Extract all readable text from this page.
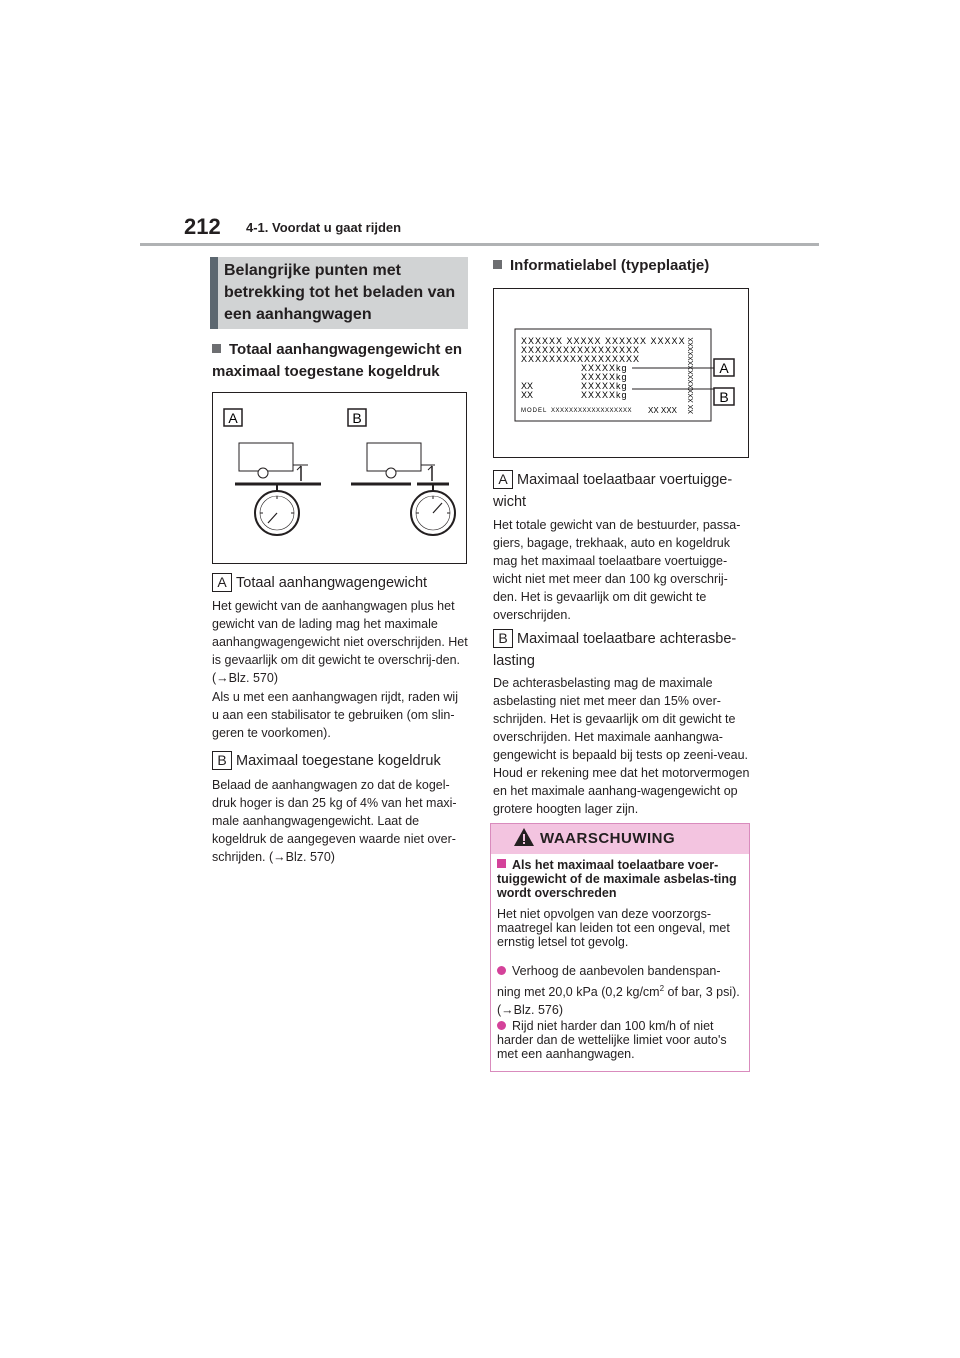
212 4-1. Voordat u gaat rijden
Belangrijke punten met betrekking tot het beladen van een aanhangwagen
Totaal aanhangwagengewicht en maximaal toegestane kogeldruk
A	B
A Totaal aanhangwagengewicht
Het gewicht van de aanhangwagen plus het gewicht van de lading mag het maximale aanhangwagengewicht niet overschrijden. Het is gevaarlijk om dit gewicht te overschrij-den. (→Blz. 570)
Als u met een aanhangwagen rijdt, raden wij u aan een stabilisator te gebruiken (om slin-geren te voorkomen).
B Maximaal toegestane kogeldruk
Belaad de aanhangwagen zo dat de kogel-druk hoger is dan 25 kg of 4% van het maxi-male aanhangwagengewicht. Laat de kogeldruk de aangegeven waarde niet over-schrijden. (→Blz. 570)
Informatielabel (typeplaatje)
XXXXXX XXXXX XXXXXX XXXXX
XXXXXXXXXXXXXXXXX
XXXXXXXXXXXXXXXXX
XXXXXkg
XXXXXkg
XXXXXkg
XXXXXkg
XX
XX
MODEL XXXXXXXXXXXXXXXXXX XX XXX XX XXXXXXXXXXXXXX A
B
A Maximaal toelaatbaar voertuigge-wicht
Het totale gewicht van de bestuurder, passa-giers, bagage, trekhaak, auto en kogeldruk mag het maximaal toelaatbare voertuigge-wicht niet met meer dan 100 kg overschrij-den. Het is gevaarlijk om dit gewicht te overschrijden.
B Maximaal toelaatbare achterasbe-lasting
De achterasbelasting mag de maximale asbelasting niet met meer dan 15% over-schrijden. Het is gevaarlijk om dit gewicht te overschrijden. Het maximale aanhangwa-gengewicht is bepaald bij tests op zeeni-veau. Houd er rekening mee dat het motorvermogen en het maximale aanhang-wagengewicht op grotere hoogten lager zijn.
WAARSCHUWING
Als het maximaal toelaatbare voer-tuiggewicht of de maximale asbelas-ting wordt overschreden
Het niet opvolgen van deze voorzorgs-maatregel kan leiden tot een ongeval, met ernstig letsel tot gevolg.
Verhoog de aanbevolen bandenspan-ning met 20,0 kPa (0,2 $kg/cm^2$ of bar, 3 psi). (→Blz. 576)
Rijd niet harder dan 100 km/h of niet harder dan de wettelijke limiet voor auto's met een aanhangwagen.
